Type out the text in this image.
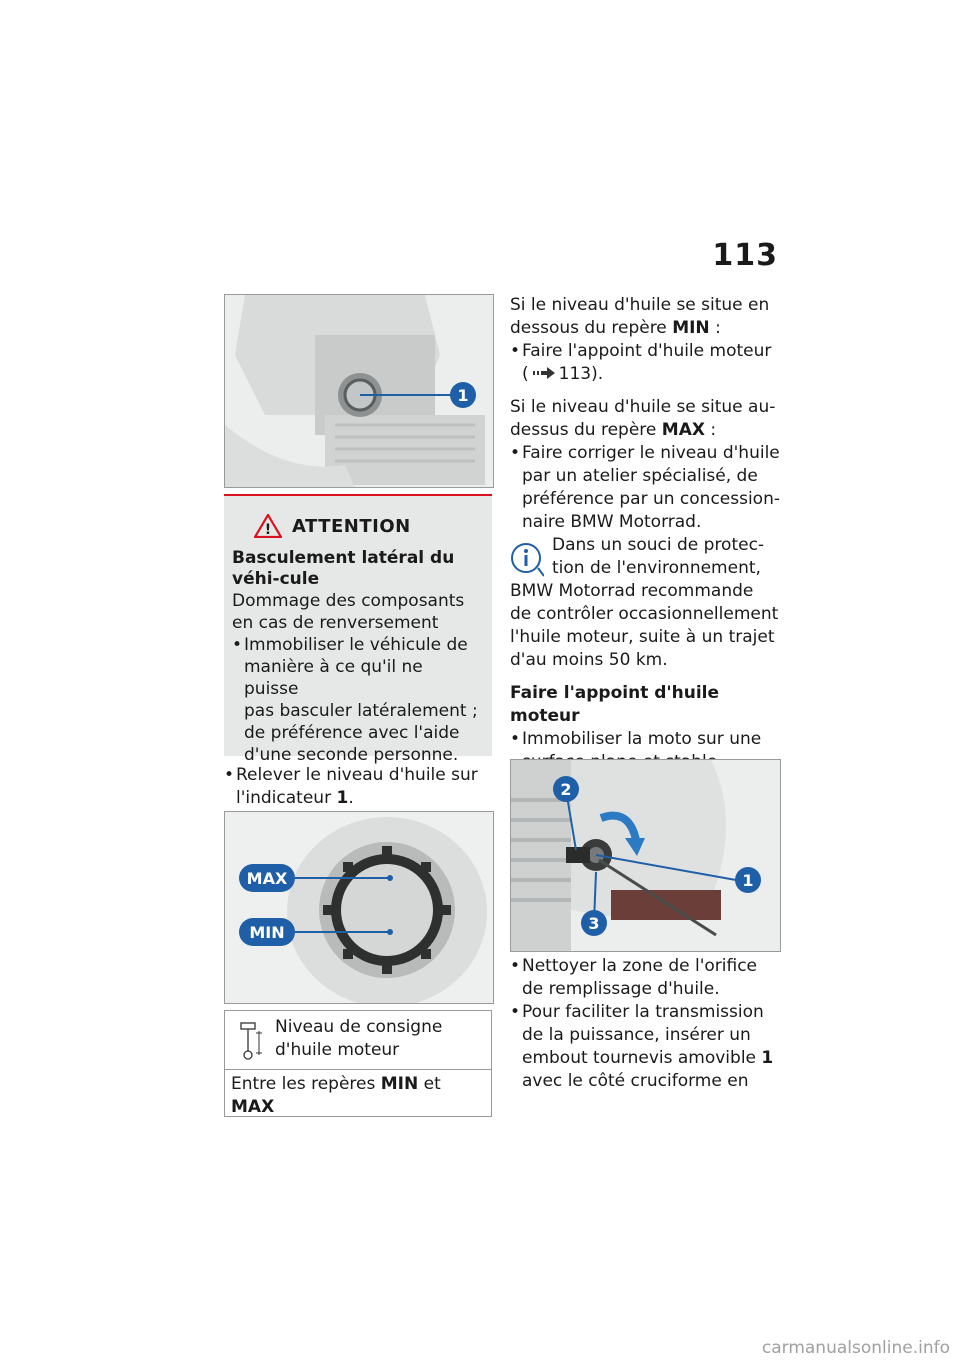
113
1
! ATTENTION
Basculement latéral du véhi-cule

Dommage des composants

en cas de renversement

• Immobiliser le véhicule de

manière à ce qu'il ne puisse

pas basculer latéralement ;

de préférence avec l'aide

d'une seconde personne.

• Relever le niveau d'huile sur

l'indicateur 1.

MAX
MIN

Niveau de consigne

d'huile moteur

Entre les repères MIN et

MAX

Si le niveau d'huile se situe en

dessous du repère MIN :

• Faire l'appoint d'huile moteur

( 113).

Si le niveau d'huile se situe au-

dessus du repère MAX :

• Faire corriger le niveau d'huile

par un atelier spécialisé, de

préférence par un concession-

naire BMW Motorrad.

Dans un souci de protec-

tion de l'environnement,

BMW Motorrad recommande

de contrôler occasionnellement

l'huile moteur, suite à un trajet

d'au moins 50 km.

Faire l'appoint d'huile moteur

• Immobiliser la moto sur une

1
2
3

• Nettoyer la zone de l'orifice

de remplissage d'huile.

• Pour faciliter la transmission

de la puissance, insérer un

embout tournevis amovible 1

avec le côté cruciforme en

carmanualsonline.info
